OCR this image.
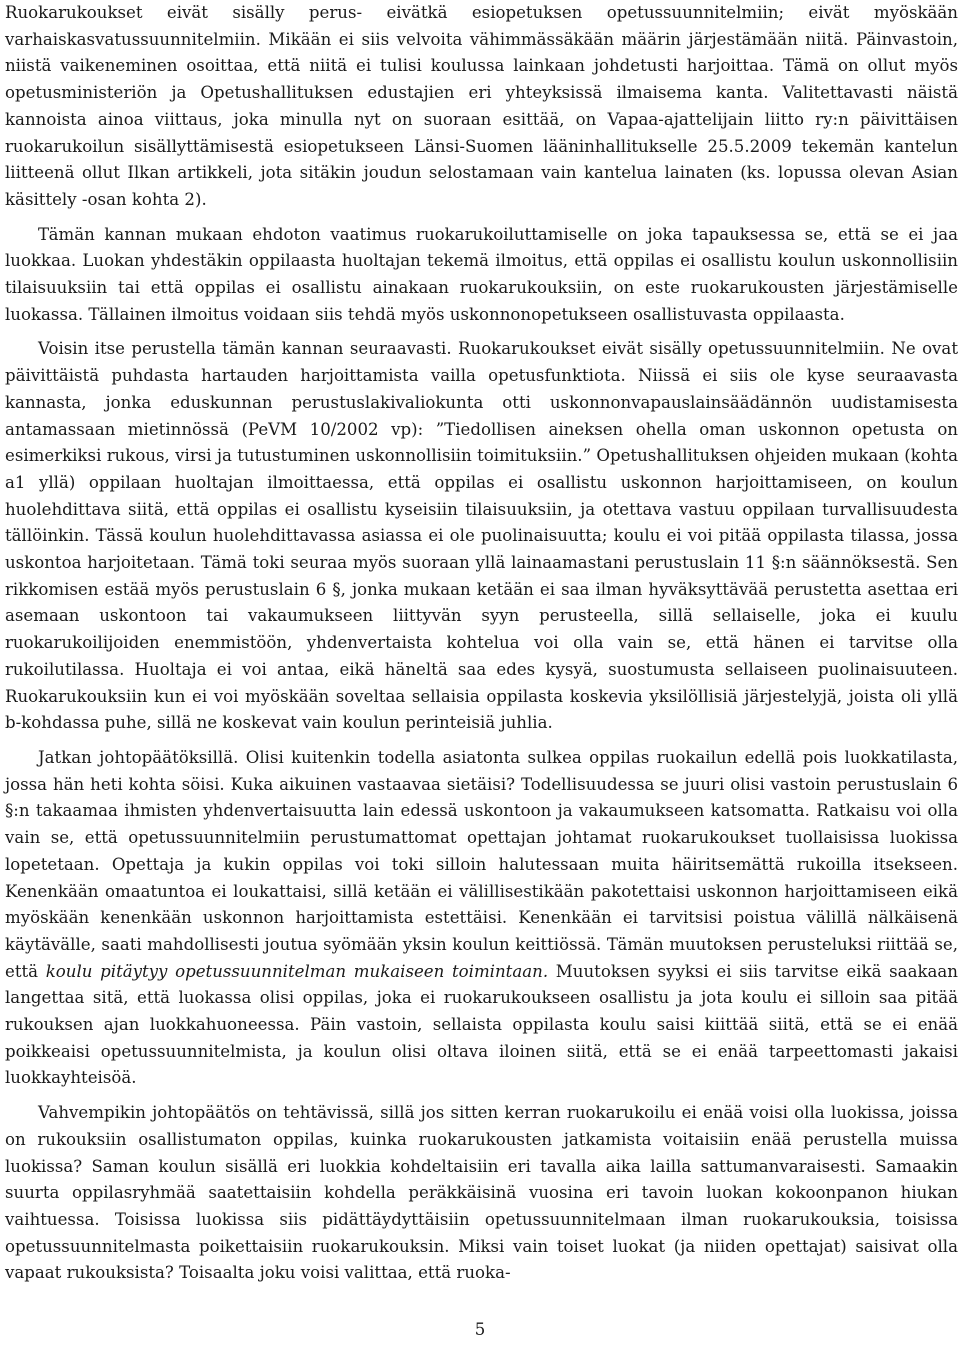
Ruokarukoukset eivät sisälly perus- eivätkä esiopetuksen opetussuunnitelmiin; eivät myöskään varhaiskasvatussuunnitelmiin. Mikään ei siis velvoita vähimmässäkään määrin järjestämään niitä. Päinvastoin, niistä vaikeneminen osoittaa, että niitä ei tulisi koulussa lainkaan johdetusti harjoittaa. Tämä on ollut myös opetusministeriön ja Opetushallituksen edustajien eri yhteyksissä ilmaisema kanta. Valitettavasti näistä kannoista ainoa viittaus, joka minulla nyt on suoraan esittää, on Vapaa-ajattelijain liitto ry:n päivittäisen ruokarukoilun sisällyttämisestä esiopetukseen Länsi-Suomen lääninhallitukselle 25.5.2009 tekemän kantelun liitteenä ollut Ilkan artikkeli, jota sitäkin joudun selostamaan vain kantelua lainaten (ks. lopussa olevan Asian käsittely -osan kohta 2).

Tämän kannan mukaan ehdoton vaatimus ruokarukoiluttamiselle on joka tapauksessa se, että se ei jaa luokkaa. Luokan yhdestäkin oppilaasta huoltajan tekemä ilmoitus, että oppilas ei osallistu koulun uskonnollisiin tilaisuuksiin tai että oppilas ei osallistu ainakaan ruokarukouksiin, on este ruokarukousten järjestämiselle luokassa. Tällainen ilmoitus voidaan siis tehdä myös uskonnonopetukseen osallistuvasta oppilaasta.

Voisin itse perustella tämän kannan seuraavasti. Ruokarukoukset eivät sisälly opetussuunnitelmiin. Ne ovat päivittäistä puhdasta hartauden harjoittamista vailla opetusfunktiota. Niissä ei siis ole kyse seuraavasta kannasta, jonka eduskunnan perustuslakivaliokunta otti uskonnonvapauslainsäädännön uudistamisesta antamassaan mietinnössä (PeVM 10/2002 vp): ”Tiedollisen aineksen ohella oman uskonnon opetusta on esimerkiksi rukous, virsi ja tutustuminen uskonnollisiin toimituksiin.” Opetushallituksen ohjeiden mukaan (kohta a1 yllä) oppilaan huoltajan ilmoittaessa, että oppilas ei osallistu uskonnon harjoittamiseen, on koulun huolehdittava siitä, että oppilas ei osallistu kyseisiin tilaisuuksiin, ja otettava vastuu oppilaan turvallisuudesta tällöinkin. Tässä koulun huolehdittavassa asiassa ei ole puolinaisuutta; koulu ei voi pitää oppilasta tilassa, jossa uskontoa harjoitetaan. Tämä toki seuraa myös suoraan yllä lainaamastani perustuslain 11 §:n säännöksestä. Sen rikkomisen estää myös perustuslain 6 §, jonka mukaan ketään ei saa ilman hyväksyttävää perustetta asettaa eri asemaan uskontoon tai vakaumukseen liittyvän syyn perusteella, sillä sellaiselle, joka ei kuulu ruokarukoilijoiden enemmistöön, yhdenvertaista kohtelua voi olla vain se, että hänen ei tarvitse olla rukoilutilassa. Huoltaja ei voi antaa, eikä häneltä saa edes kysyä, suostumusta sellaiseen puolinaisuuteen. Ruokarukouksiin kun ei voi myöskään soveltaa sellaisia oppilasta koskevia yksilöllisiä järjestelyjä, joista oli yllä b-kohdassa puhe, sillä ne koskevat vain koulun perinteisiä juhlia.

Jatkan johtopäätöksillä. Olisi kuitenkin todella asiatonta sulkea oppilas ruokailun edellä pois luokkatilasta, jossa hän heti kohta söisi. Kuka aikuinen vastaavaa sietäisi? Todellisuudessa se juuri olisi vastoin perustuslain 6 §:n takaamaa ihmisten yhdenvertaisuutta lain edessä uskontoon ja vakaumukseen katsomatta. Ratkaisu voi olla vain se, että opetussuunnitelmiin perustumattomat opettajan johtamat ruokarukoukset tuollaisissa luokissa lopetetaan. Opettaja ja kukin oppilas voi toki silloin halutessaan muita häiritsemättä rukoilla itsekseen. Kenenkään omaatuntoa ei loukattaisi, sillä ketään ei välillisestikään pakotettaisi uskonnon harjoittamiseen eikä myöskään kenenkään uskonnon harjoittamista estettäisi. Kenenkään ei tarvitsisi poistua välillä nälkäisenä käytävälle, saati mahdollisesti joutua syömään yksin koulun keittiössä. Tämän muutoksen perusteluksi riittää se, että koulu pitäytyy opetussuunnitelman mukaiseen toimintaan. Muutoksen syyksi ei siis tarvitse eikä saakaan langettaa sitä, että luokassa olisi oppilas, joka ei ruokarukoukseen osallistu ja jota koulu ei silloin saa pitää rukouksen ajan luokkahuoneessa. Päin vastoin, sellaista oppilasta koulu saisi kiittää siitä, että se ei enää poikkeaisi opetussuunnitelmista, ja koulun olisi oltava iloinen siitä, että se ei enää tarpeettomasti jakaisi luokkayhteisöä.

Vahvempikin johtopäätös on tehtävissä, sillä jos sitten kerran ruokarukoilu ei enää voisi olla luokissa, joissa on rukouksiin osallistumaton oppilas, kuinka ruokarukousten jatkamista voitaisiin enää perustella muissa luokissa? Saman koulun sisällä eri luokkia kohdeltaisiin eri tavalla aika lailla sattumanvaraisesti. Samaakin suurta oppilasryhmää saatettaisiin kohdella peräkkäisinä vuosina eri tavoin luokan kokoonpanon hiukan vaihtuessa. Toisissa luokissa siis pidättäydyttäisiin opetussuunnitelmaan ilman ruokarukouksia, toisissa opetussuunnitelmasta poikettaisiin ruokarukouksin. Miksi vain toiset luokat (ja niiden opettajat) saisivat olla vapaat rukouksista? Toisaalta joku voisi valittaa, että ruoka-

5
